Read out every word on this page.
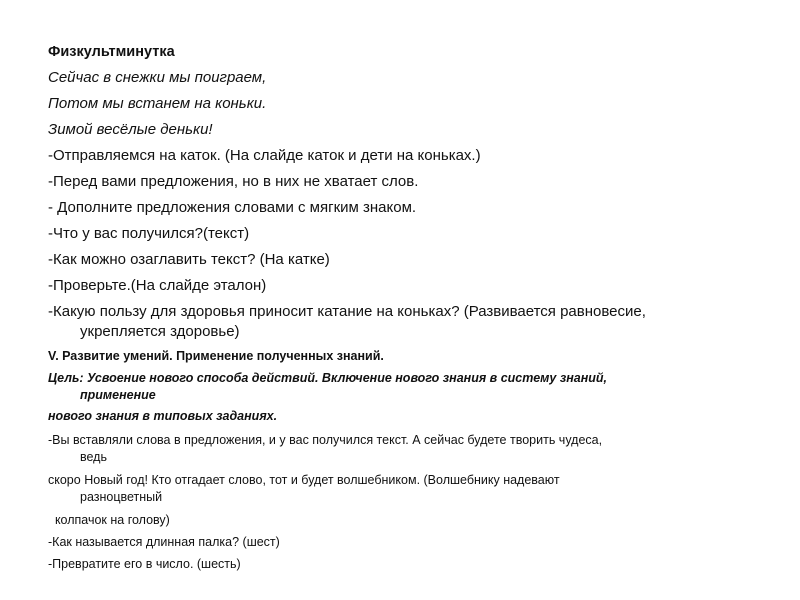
Физкультминутка
Сейчас в снежки мы поиграем,
Потом мы встанем на коньки.
Зимой весёлые деньки!
-Отправляемся на каток. (На слайде каток и дети на коньках.)
-Перед вами предложения, но в них не хватает слов.
- Дополните предложения словами с мягким знаком.
-Что у вас получился?(текст)
-Как можно озаглавить текст? (На катке)
-Проверьте.(На слайде эталон)
-Какую пользу для здоровья приносит катание на коньках? (Развивается равновесие,
укрепляется здоровье)
V. Развитие умений. Применение полученных знаний.
Цель: Усвоение нового способа действий. Включение нового знания в систему знаний,
применение
нового знания в типовых заданиях.
-Вы вставляли слова в предложения, и у вас получился текст. А сейчас будете творить чудеса,
ведь
скоро Новый год! Кто отгадает слово, тот и будет волшебником. (Волшебнику надевают
разноцветный
колпачок на голову)
-Как называется длинная палка? (шест)
-Превратите его в число. (шесть)
